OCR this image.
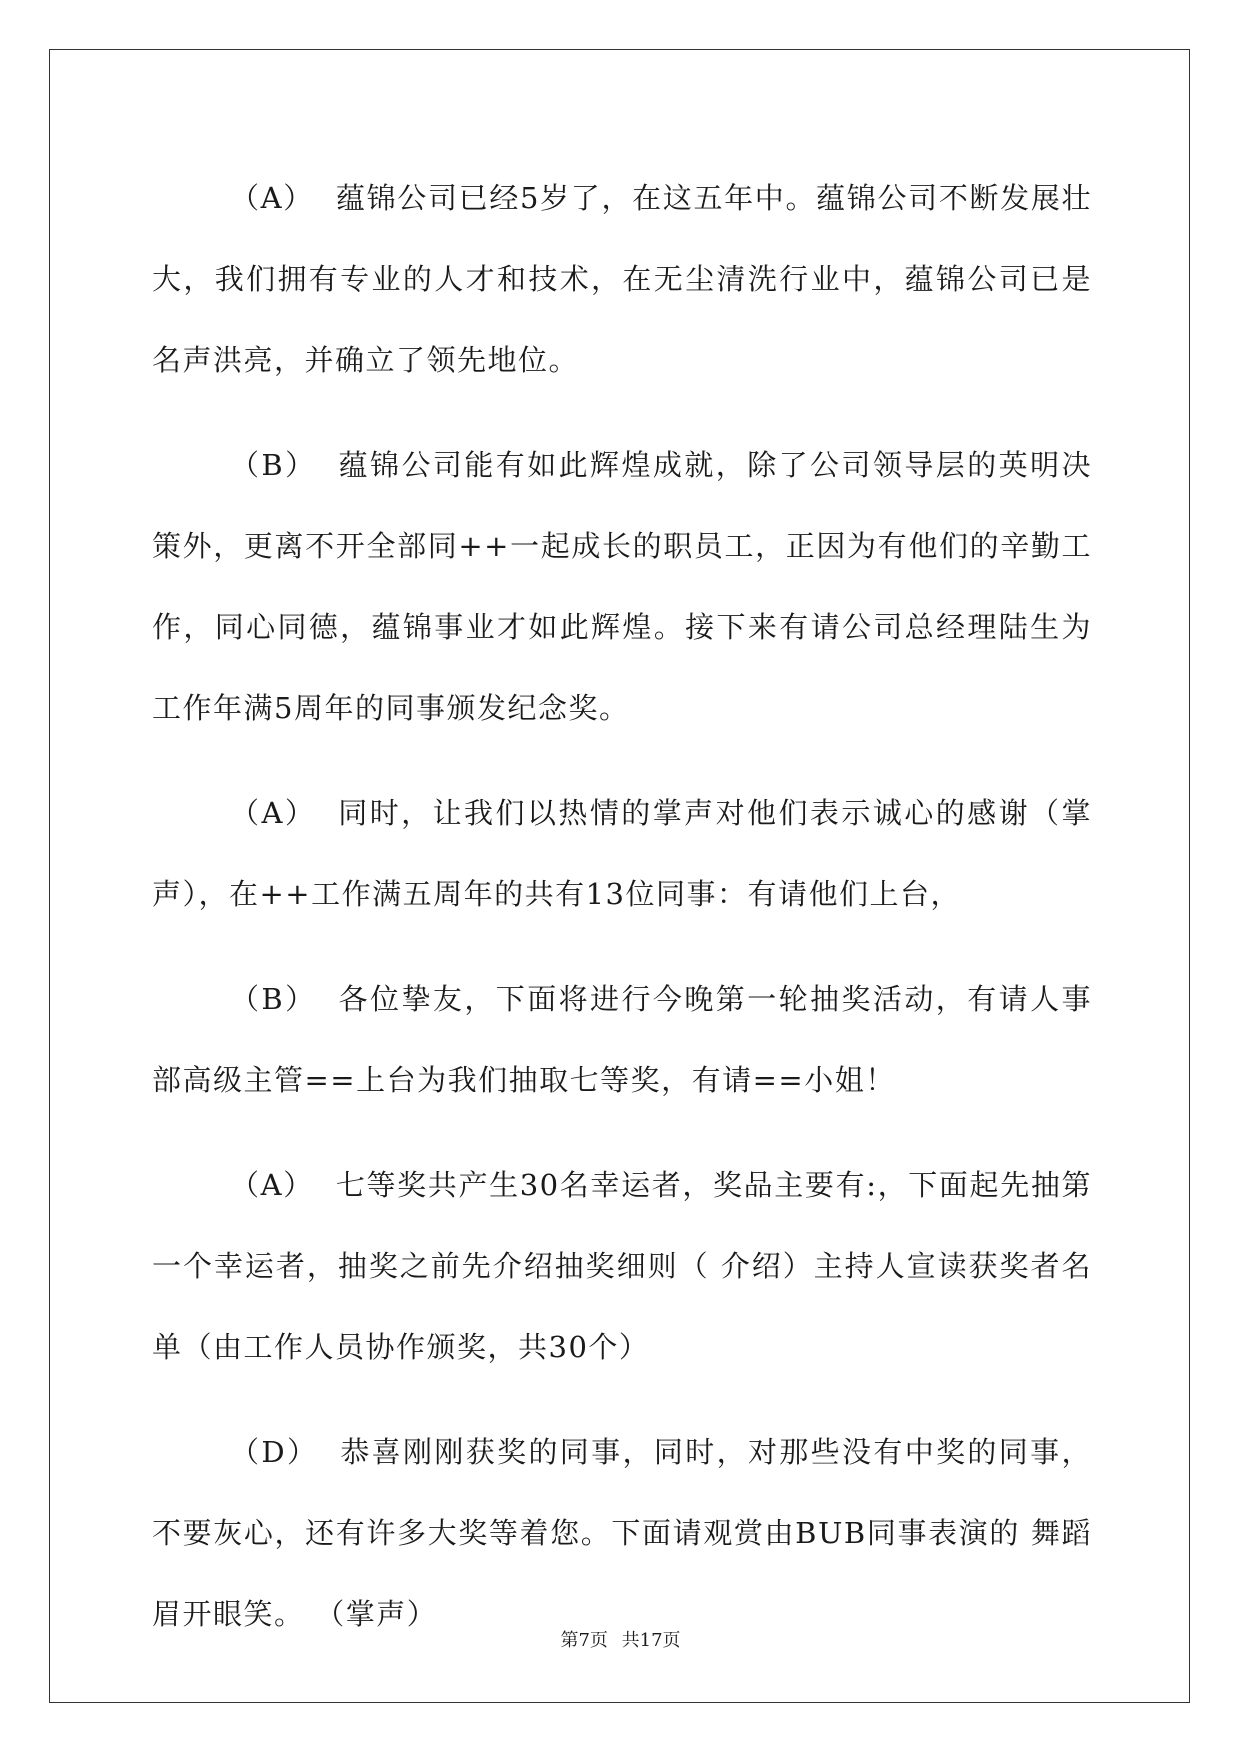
（A） 蕴锦公司已经5岁了，在这五年中。蕴锦公司不断发展壮大，我们拥有专业的人才和技术，在无尘清洗行业中，蕴锦公司已是名声洪亮，并确立了领先地位。

（B） 蕴锦公司能有如此辉煌成就，除了公司领导层的英明决策外，更离不开全部同++一起成长的职员工，正因为有他们的辛勤工作，同心同德，蕴锦事业才如此辉煌。接下来有请公司总经理陆生为工作年满5周年的同事颁发纪念奖。

（A） 同时，让我们以热情的掌声对他们表示诚心的感谢（掌声），在++工作满五周年的共有13位同事：有请他们上台，

（B） 各位挚友，下面将进行今晚第一轮抽奖活动，有请人事部高级主管==上台为我们抽取七等奖，有请==小姐！

（A） 七等奖共产生30名幸运者，奖品主要有:，下面起先抽第一个幸运者，抽奖之前先介绍抽奖细则（ 介绍）主持人宣读获奖者名单（由工作人员协作颁奖，共30个）

（D） 恭喜刚刚获奖的同事，同时，对那些没有中奖的同事，不要灰心，还有许多大奖等着您。下面请观赏由BUB同事表演的 舞蹈眉开眼笑。 （掌声）

第7页 共17页
